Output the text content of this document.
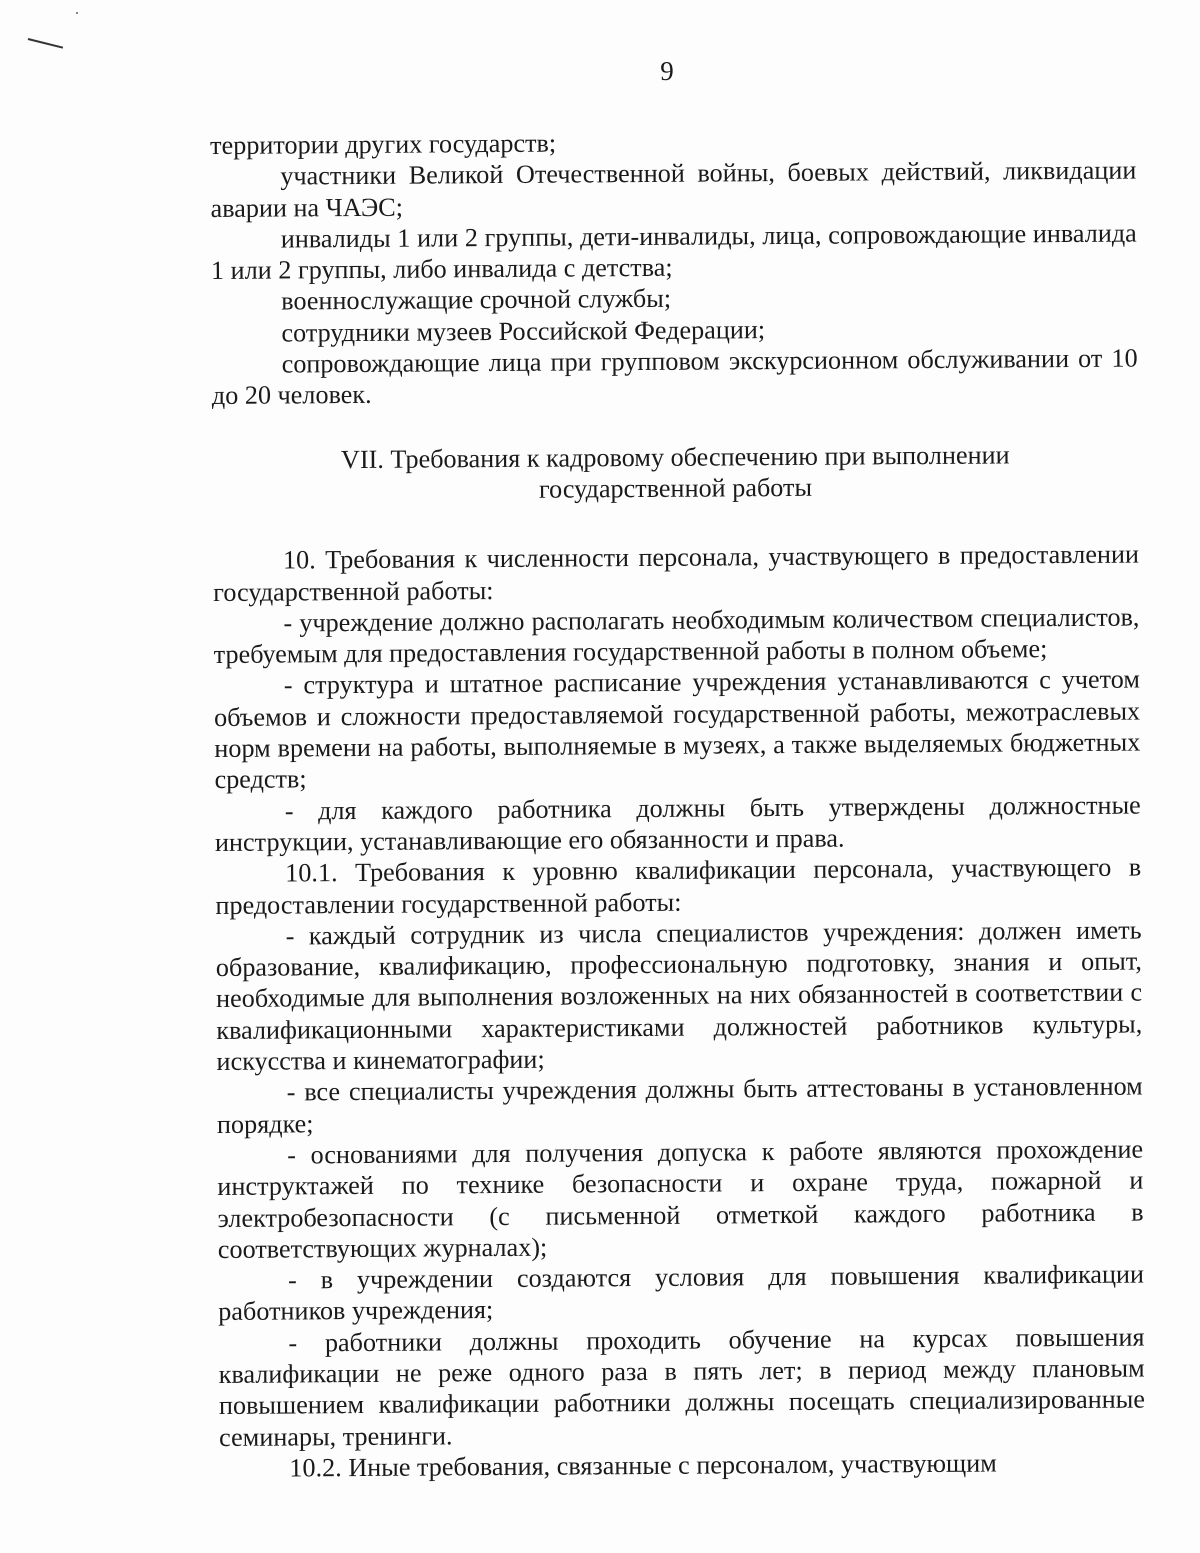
9

территории других государств;

участники Великой Отечественной войны, боевых действий, ликвидации аварии на ЧАЭС;

инвалиды 1 или 2 группы, дети-инвалиды, лица, сопровождающие инвалида 1 или 2 группы, либо инвалида с детства;

военнослужащие срочной службы;

сотрудники музеев Российской Федерации;

сопровождающие лица при групповом экскурсионном обслуживании от 10 до 20 человек.

VII. Требования к кадровому обеспечению при выполнении государственной работы

10. Требования к численности персонала, участвующего в предоставлении государственной работы:

- учреждение должно располагать необходимым количеством специалистов, требуемым для предоставления государственной работы в полном объеме;

- структура и штатное расписание учреждения устанавливаются с учетом объемов и сложности предоставляемой государственной работы, межотраслевых норм времени на работы, выполняемые в музеях, а также выделяемых бюджетных средств;

- для каждого работника должны быть утверждены должностные инструкции, устанавливающие его обязанности и права.

10.1. Требования к уровню квалификации персонала, участвующего в предоставлении государственной работы:

- каждый сотрудник из числа специалистов учреждения: должен иметь образование, квалификацию, профессиональную подготовку, знания и опыт, необходимые для выполнения возложенных на них обязанностей в соответствии с квалификационными характеристиками должностей работников культуры, искусства и кинематографии;

- все специалисты учреждения должны быть аттестованы в установленном порядке;

- основаниями для получения допуска к работе являются прохождение инструктажей по технике безопасности и охране труда, пожарной и электробезопасности (с письменной отметкой каждого работника в соответствующих журналах);

- в учреждении создаются условия для повышения квалификации работников учреждения;

- работники должны проходить обучение на курсах повышения квалификации не реже одного раза в пять лет; в период между плановым повышением квалификации работники должны посещать специализированные семинары, тренинги.

10.2. Иные требования, связанные с персоналом, участвующим
